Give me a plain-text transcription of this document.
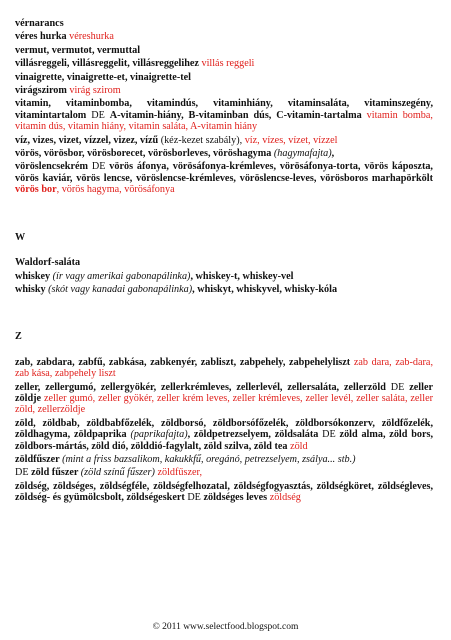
vérnarancs
véres hurka véreshurka
vermut, vermutot, vermuttal
villásreggeli, villásreggelit, villásreggelihez villás reggeli
vinaigrette, vinaigrette-et, vinaigrette-tel
virágszirom virág szirom
vitamin, vitaminbomba, vitamindús, vitaminhiány, vitaminsaláta, vitaminszegény, vitamintartalom DE A-vitamin-hiány, B-vitaminban dús, C-vitamin-tartalma vitamin bomba, vitamin dús, vitamin hiány, vitamin saláta, A-vitamin hiány
víz, vizes, vizet, vízzel, vizez, vízű (kéz-kezet szabály), víz, vízes, vízet, vízzel
vörös, vörösbor, vörösborecet, vörösborleves, vöröshagyma (hagymafajta),
vöröslencsekrém DE vörös áfonya, vörösáfonya-krémleves, vörösáfonya-torta, vörös káposzta, vörös kaviár, vörös lencse, vöröslencse-krémleves, vöröslencse-leves, vörösboros marhapörkölt vörös bor, vörös hagyma, vörösáfonya
W
Waldorf-saláta
whiskey (ír vagy amerikai gabonapálinka), whiskey-t, whiskey-vel
whisky (skót vagy kanadai gabonapálinka), whiskyt, whiskyvel, whisky-kóla
Z
zab, zabdara, zabfű, zabkása, zabkenyér, zabliszt, zabpehely, zabpehelyliszt zab dara, zab-dara, zab kása, zabpehely liszt
zeller, zellergumó, zellergyökér, zellerkrémleves, zellerlevél, zellersaláta, zellerzöld DE zeller zöldje zeller gumó, zeller gyökér, zeller krém leves, zeller krémleves, zeller levél, zeller saláta, zeller zöld, zellerzöldje
zöld, zöldbab, zöldbabfőzelék, zöldborsó, zöldborsófőzelék, zöldborsókonzerv, zöldfőzelék, zöldhagyma, zöldpaprika (paprikafajta), zöldpetrezselyem, zöldsaláta DE zöld alma, zöld bors, zöldbors-mártás, zöld dió, zölddió-fagylalt, zöld szilva, zöld tea zöld
zöldfűszer (mint a friss bazsalikom, kakukkfű, oregánó, petrezselyem, zsálya... stb.)
DE zöld fűszer (zöld színű fűszer) zöldfűszer,
zöldség, zöldséges, zöldségféle, zöldségfelhozatal, zöldségfogyasztás, zöldségköret, zöldségleves, zöldség- és gyümölcsbolt, zöldségeskert DE zöldséges leves zöldség
© 2011 www.selectfood.blogspot.com
